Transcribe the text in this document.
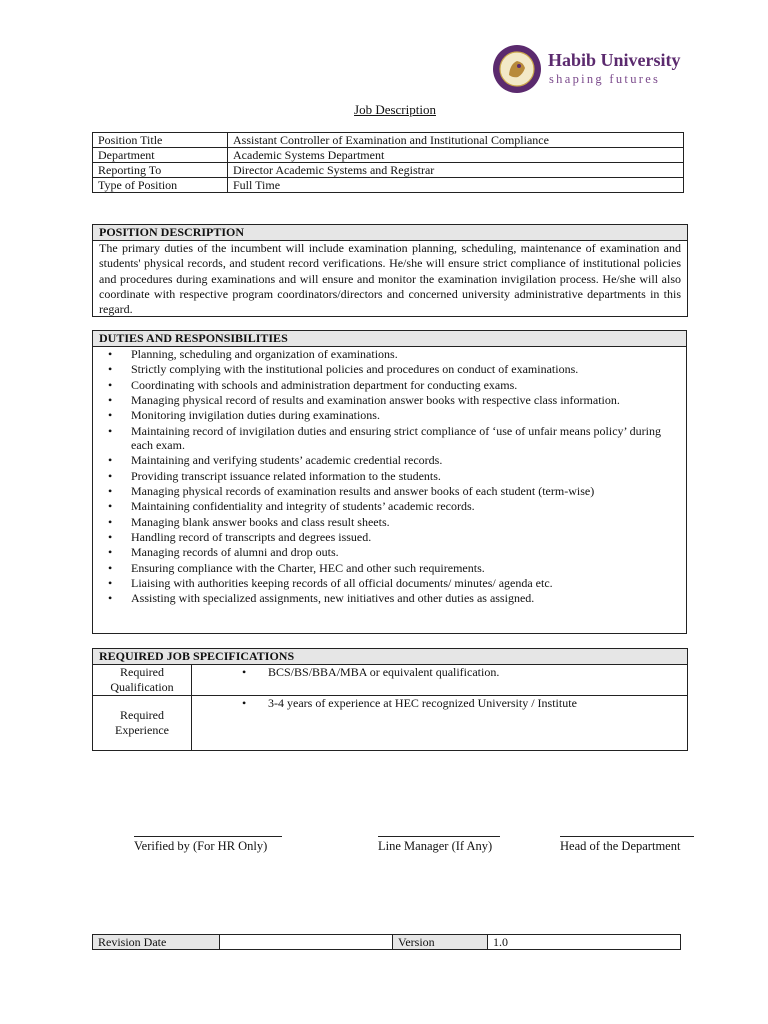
Habib University
shaping futures
Job Description
Position Title	Assistant Controller of Examination and Institutional Compliance
Department	Academic Systems Department
Reporting To	Director Academic Systems and Registrar
Type of Position	Full Time
POSITION DESCRIPTION
The primary duties of the incumbent will include examination planning, scheduling, maintenance of examination and students' physical records, and student record verifications. He/she will ensure strict compliance of institutional policies and procedures during examinations and will ensure and monitor the examination invigilation process. He/she will also coordinate with respective program coordinators/directors and concerned university administrative departments in this regard.
DUTIES AND RESPONSIBILITIES
• Planning, scheduling and organization of examinations.
• Strictly complying with the institutional policies and procedures on conduct of examinations.
• Coordinating with schools and administration department for conducting exams.
• Managing physical record of results and examination answer books with respective class information.
• Monitoring invigilation duties during examinations.
• Maintaining record of invigilation duties and ensuring strict compliance of ‘use of unfair means policy’ during each exam.
• Maintaining and verifying students’ academic credential records.
• Providing transcript issuance related information to the students.
• Managing physical records of examination results and answer books of each student (term-wise)
• Maintaining confidentiality and integrity of students’ academic records.
• Managing blank answer books and class result sheets.
• Handling record of transcripts and degrees issued.
• Managing records of alumni and drop outs.
• Ensuring compliance with the Charter, HEC and other such requirements.
• Liaising with authorities keeping records of all official documents/ minutes/ agenda etc.
• Assisting with specialized assignments, new initiatives and other duties as assigned.
REQUIRED JOB SPECIFICATIONS	
Required Qualification	• BCS/BS/BBA/MBA or equivalent qualification.
Required Experience	• 3-4 years of experience at HEC recognized University / Institute
Verified by (For HR Only)	Line Manager (If Any)	Head of the Department
Revision Date		Version	1.0
